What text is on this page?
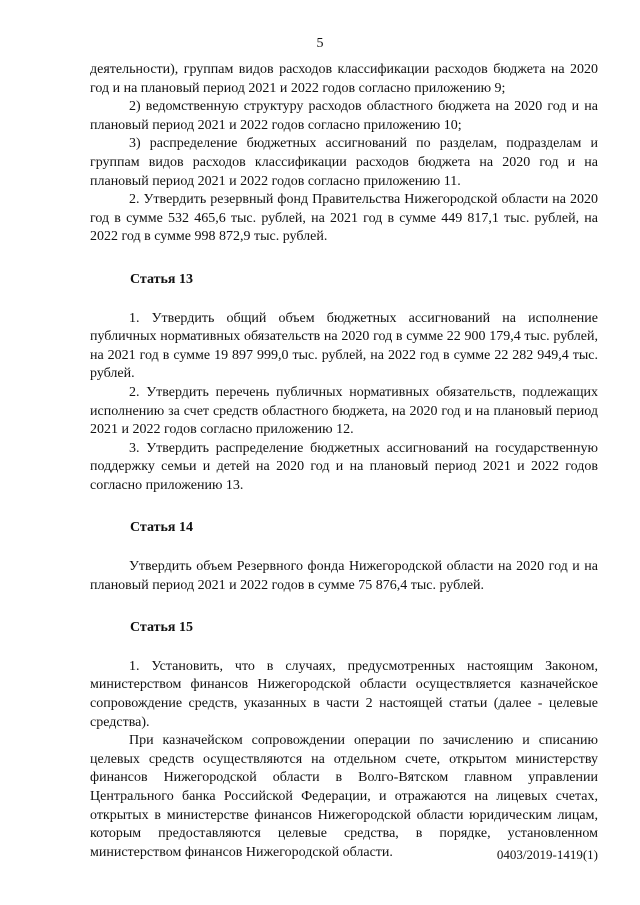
5

деятельности), группам видов расходов классификации расходов бюджета на 2020 год и на плановый период 2021 и 2022 годов согласно приложению 9;

2) ведомственную структуру расходов областного бюджета на 2020 год и на плановый период 2021 и 2022 годов согласно приложению 10;

3) распределение бюджетных ассигнований по разделам, подразделам и группам видов расходов классификации расходов бюджета на 2020 год и на плановый период 2021 и 2022 годов согласно приложению 11.

2. Утвердить резервный фонд Правительства Нижегородской области на 2020 год в сумме 532 465,6 тыс. рублей, на 2021 год в сумме 449 817,1 тыс. рублей, на 2022 год в сумме 998 872,9 тыс. рублей.

Статья 13

1. Утвердить общий объем бюджетных ассигнований на исполнение публичных нормативных обязательств на 2020 год в сумме 22 900 179,4 тыс. рублей, на 2021 год в сумме 19 897 999,0 тыс. рублей, на 2022 год в сумме 22 282 949,4 тыс. рублей.

2. Утвердить перечень публичных нормативных обязательств, подлежащих исполнению за счет средств областного бюджета, на 2020 год и на плановый период 2021 и 2022 годов согласно приложению 12.

3. Утвердить распределение бюджетных ассигнований на государственную поддержку семьи и детей на 2020 год и на плановый период 2021 и 2022 годов согласно приложению 13.

Статья 14

Утвердить объем Резервного фонда Нижегородской области на 2020 год и на плановый период 2021 и 2022 годов в сумме 75 876,4 тыс. рублей.

Статья 15

1. Установить, что в случаях, предусмотренных настоящим Законом, министерством финансов Нижегородской области осуществляется казначейское сопровождение средств, указанных в части 2 настоящей статьи (далее - целевые средства).

При казначейском сопровождении операции по зачислению и списанию целевых средств осуществляются на отдельном счете, открытом министерству финансов Нижегородской области в Волго-Вятском главном управлении Центрального банка Российской Федерации, и отражаются на лицевых счетах, открытых в министерстве финансов Нижегородской области юридическим лицам, которым предоставляются целевые средства, в порядке, установленном министерством финансов Нижегородской области.	0403/2019-1419(1)
